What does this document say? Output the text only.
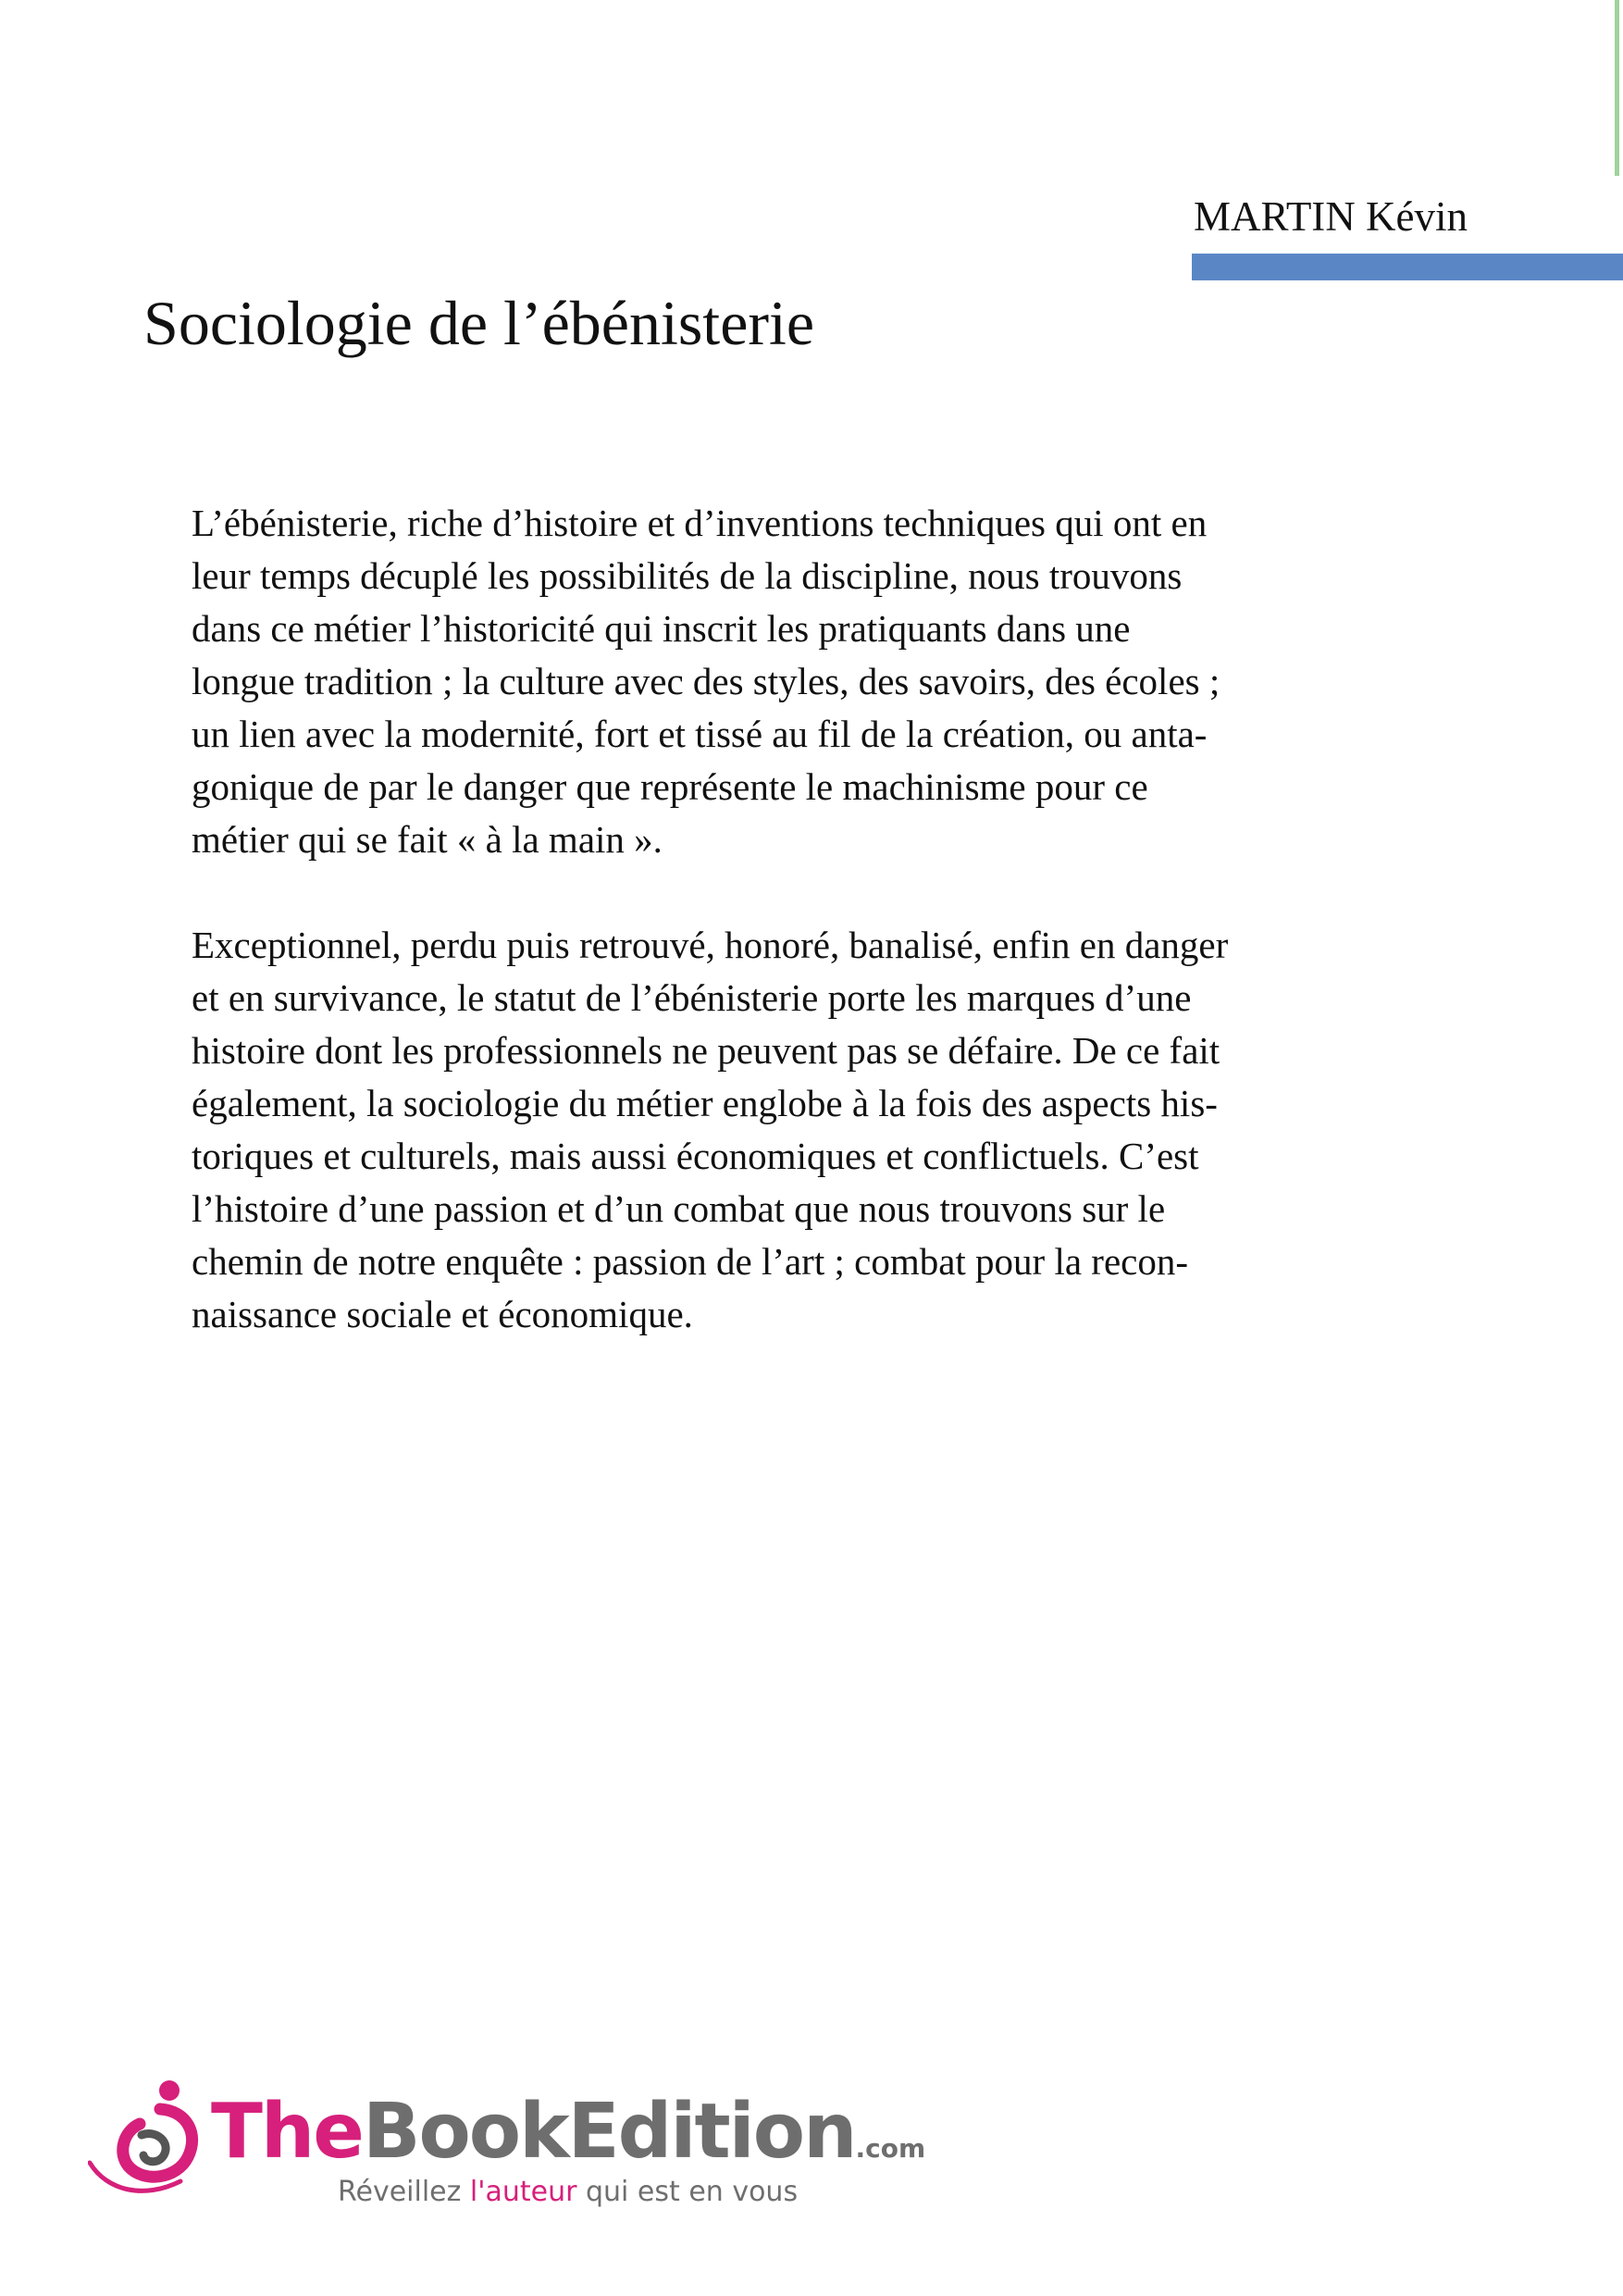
MARTIN Kévin
Sociologie de l’ébénisterie

L’ébénisterie, riche d’histoire et d’inventions techniques qui ont en
leur temps décuplé les possibilités de la discipline, nous trouvons
dans ce métier l’historicité qui inscrit les pratiquants dans une
longue tradition ; la culture avec des styles, des savoirs, des écoles ;
un lien avec la modernité, fort et tissé au fil de la création, ou anta-
gonique de par le danger que représente le machinisme pour ce
métier qui se fait « à la main ».

Exceptionnel, perdu puis retrouvé, honoré, banalisé, enfin en danger
et en survivance, le statut de l’ébénisterie porte les marques d’une
histoire dont les professionnels ne peuvent pas se défaire. De ce fait
également, la sociologie du métier englobe à la fois des aspects his-
toriques et culturels, mais aussi économiques et conflictuels. C’est
l’histoire d’une passion et d’un combat que nous trouvons sur le
chemin de notre enquête : passion de l’art ; combat pour la recon-
naissance sociale et économique.

TheBookEdition.com
Réveillez l'auteur qui est en vous
